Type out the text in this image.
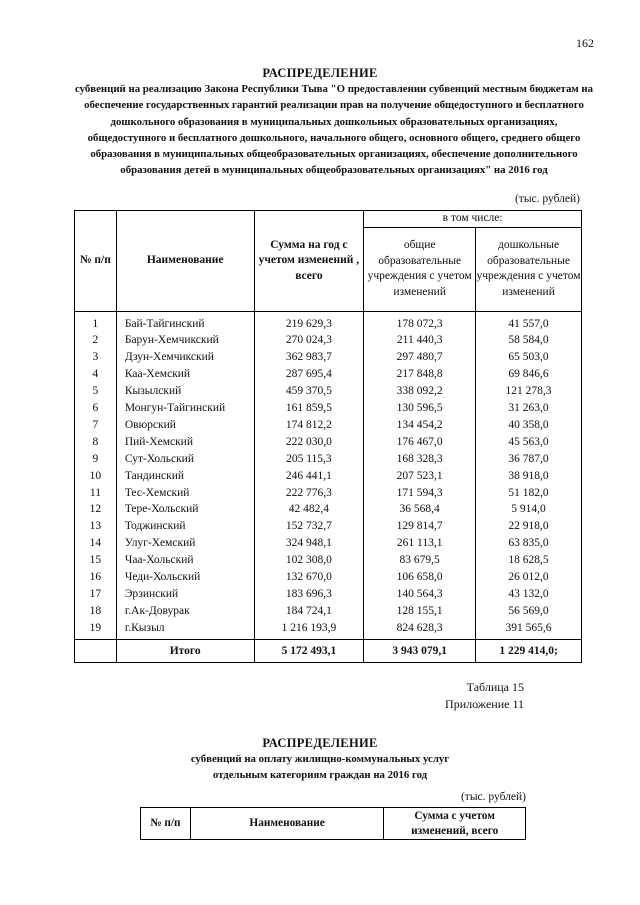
162
РАСПРЕДЕЛЕНИЕ
субвенций на реализацию Закона Республики Тыва "О предоставлении субвенций местным бюджетам на обеспечение государственных гарантий реализации прав на получение общедоступного и бесплатного дошкольного образования в муниципальных дошкольных образовательных организациях, общедоступного и бесплатного дошкольного, начального общего, основного общего, среднего общего образования в муниципальных общеобразовательных организациях, обеспечение дополнительного образования детей в муниципальных общеобразовательных организациях" на 2016 год
(тыс. рублей)
№ п/п	Наименование	Сумма на год с учетом изменений , всего	в том числе:	
			общие образовательные учреждения с учетом изменений	дошкольные образовательные учреждения с учетом изменений
1	Бай-Тайгинский	219 629,3	178 072,3	41 557,0
2	Барун-Хемчикский	270 024,3	211 440,3	58 584,0
3	Дзун-Хемчикский	362 983,7	297 480,7	65 503,0
4	Каа-Хемский	287 695,4	217 848,8	69 846,6
5	Кызылский	459 370,5	338 092,2	121 278,3
6	Монгун-Тайгинский	161 859,5	130 596,5	31 263,0
7	Овюрский	174 812,2	134 454,2	40 358,0
8	Пий-Хемский	222 030,0	176 467,0	45 563,0
9	Сут-Хольский	205 115,3	168 328,3	36 787,0
10	Тандинский	246 441,1	207 523,1	38 918,0
11	Тес-Хемский	222 776,3	171 594,3	51 182,0
12	Тере-Хольский	42 482,4	36 568,4	5 914,0
13	Тоджинский	152 732,7	129 814,7	22 918,0
14	Улуг-Хемский	324 948,1	261 113,1	63 835,0
15	Чаа-Хольский	102 308,0	83 679,5	18 628,5
16	Чеди-Хольский	132 670,0	106 658,0	26 012,0
17	Эрзинский	183 696,3	140 564,3	43 132,0
18	г.Ак-Довурак	184 724,1	128 155,1	56 569,0
19	г.Кызыл	1 216 193,9	824 628,3	391 565,6
	Итого	5 172 493,1	3 943 079,1	1 229 414,0;
Таблица 15
Приложение 11
РАСПРЕДЕЛЕНИЕ
субвенций на оплату жилищно-коммунальных услуг отдельным категориям граждан на 2016 год
(тыс. рублей)
№ п/п	Наименование	Сумма с учетом изменений, всего
